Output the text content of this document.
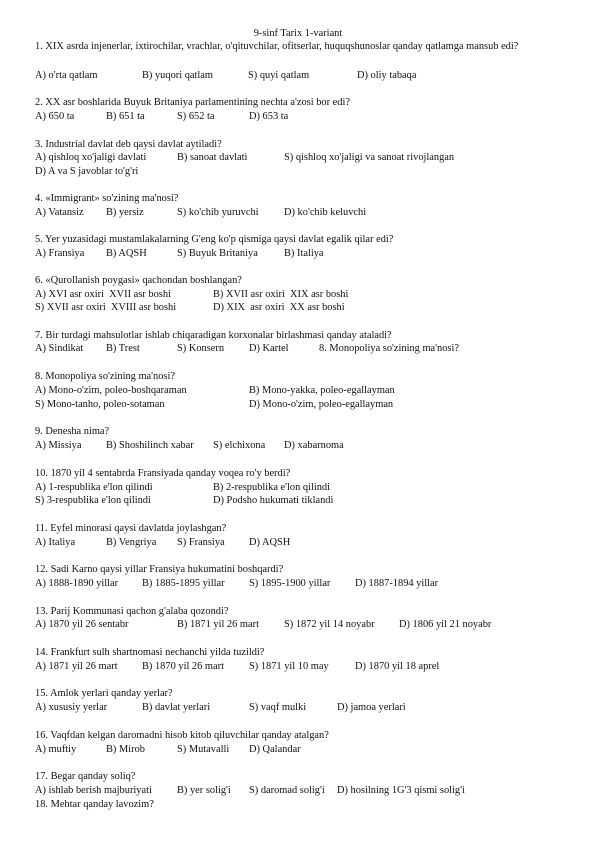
9-sinf Tarix 1-variant
1. XIX asrda injenerlar, ixtirochilar, vrachlar, o'qituvchilar, ofitserlar, huquqshunoslar qanday qatlamga mansub edi?

A) o'rta qatlam

	B) yuqori qatlam

	S) quyi qatlam

	D) oliy tabaqa

2. XX asr boshlarida Buyuk Britaniya parlamentining nechta a'zosi bor edi?

A) 650 ta

	B) 651 ta

	S) 652 ta

	D) 653 ta

3. Industrial davlat deb qaysi davlat aytiladi?

A) qishloq xo'jaligi davlati

	B) sanoat davlati

	S) qishloq xo'jaligi va sanoat rivojlangan

D) A va S javoblar to'g'ri

4. «Immigrant» so'zining ma'nosi?

A) Vatansiz

B) yersiz

	S) ko'chib yuruvchi

D) ko'chib keluvchi

5. Yer yuzasidagi mustamlakalarning G'eng ko'p qismiga qaysi davlat egalik qilar edi?

A) Fransiya

B) AQSH

	S) Buyuk Britaniya

	B) Italiya

6. «Qurollanish poygasi» qachondan boshlangan?

A) XVI asr oxiri  XVII asr boshi

	B) XVII asr oxiri  XIX asr boshi

S) XVII asr oxiri  XVIII asr boshi

	D) XIX  asr oxiri  XX asr boshi

7. Bir turdagi mahsulotlar ishlab chiqaradigan korxonalar birlashmasi qanday ataladi?

A) Sindikat

B) Trest

	S) Konsern

D) Kartel

	8. Monopoliya so'zining ma'nosi?

8. Monopoliya so'zining ma'nosi?

A) Mono-o'zim, poleo-boshqaraman

	B) Mono-yakka, poleo-egallayman

S) Mono-tanho, poleo-sotaman

	D) Mono-o'zim, poleo-egallayman

9. Denesha nima?

A) Missiya

B) Shoshilinch xabar

S) elchixona

D) xabarnoma

10. 1870 yil 4 sentabrda Fransiyada qanday voqea ro'y berdi?

A) 1-respublika e'lon qilindi

	B) 2-respublika e'lon qilindi

S) 3-respublika e'lon qilindi

	D) Podsho hukumati tiklandi

11. Eyfel minorasi qaysi davlatda joylashgan?

A) Italiya

	B) Vengriya

S) Fransiya

D) AQSH

12. Sadi Karno qaysi yillar Fransiya hukumatini boshqardi?

A) 1888-1890 yillar

B) 1885-1895 yillar

S) 1895-1900 yillar

D) 1887-1894 yillar

13. Parij Kommunasi qachon g'alaba qozondi?

A) 1870 yil 26 sentabr

	B) 1871 yil 26 mart

S) 1872 yil 14 noyabr

D) 1806 yil 21 noyabr

14. Frankfurt sulh shartnomasi nechanchi yilda tuzildi?

A) 1871 yil 26 mart

B) 1870 yil 26 mart

S) 1871 yil 10 may

	D) 1870 yil 18 aprel

15. Amlok yerlari qanday yerlar?

A) xususiy yerlar

	B) davlat yerlari

	S) vaqf mulki

	D) jamoa yerlari

16. Vaqfdan kelgan daromadni hisob kitob qiluvchilar qanday atalgan?

A) muftiy

	B) Mirob

	S) Mutavalli

D) Qalandar

17. Begar qanday soliq?

A) ishlab berish majburiyati

B) yer solig'i

S) daromad solig'i

D) hosilning 1G'3 qismi solig'i

18. Mehtar qanday lavozim?
